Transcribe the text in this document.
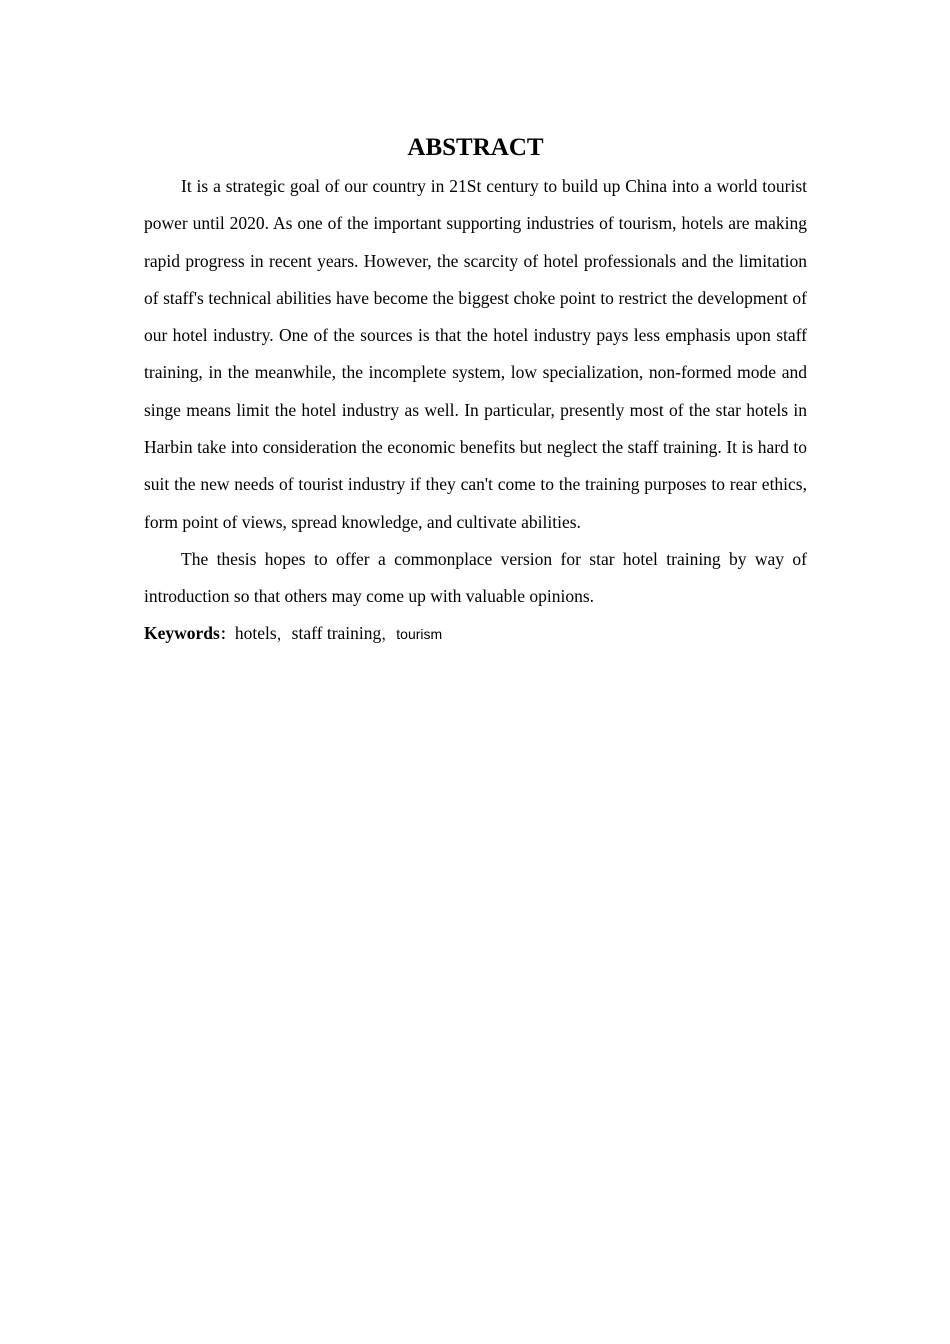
ABSTRACT

It is a strategic goal of our country in 21St century to build up China into a world tourist power until 2020. As one of the important supporting industries of tourism, hotels are making rapid progress in recent years. However, the scarcity of hotel professionals and the limitation of staff's technical abilities have become the biggest choke point to restrict the development of our hotel industry. One of the sources is that the hotel industry pays less emphasis upon staff training, in the meanwhile, the incomplete system, low specialization, non-formed mode and singe means limit the hotel industry as well. In particular, presently most of the star hotels in Harbin take into consideration the economic benefits but neglect the staff training. It is hard to suit the new needs of tourist industry if they can't come to the training purposes to rear ethics, form point of views, spread knowledge, and cultivate abilities.

The thesis hopes to offer a commonplace version for star hotel training by way of introduction so that others may come up with valuable opinions.

Keywords：hotels，staff training，tourism
